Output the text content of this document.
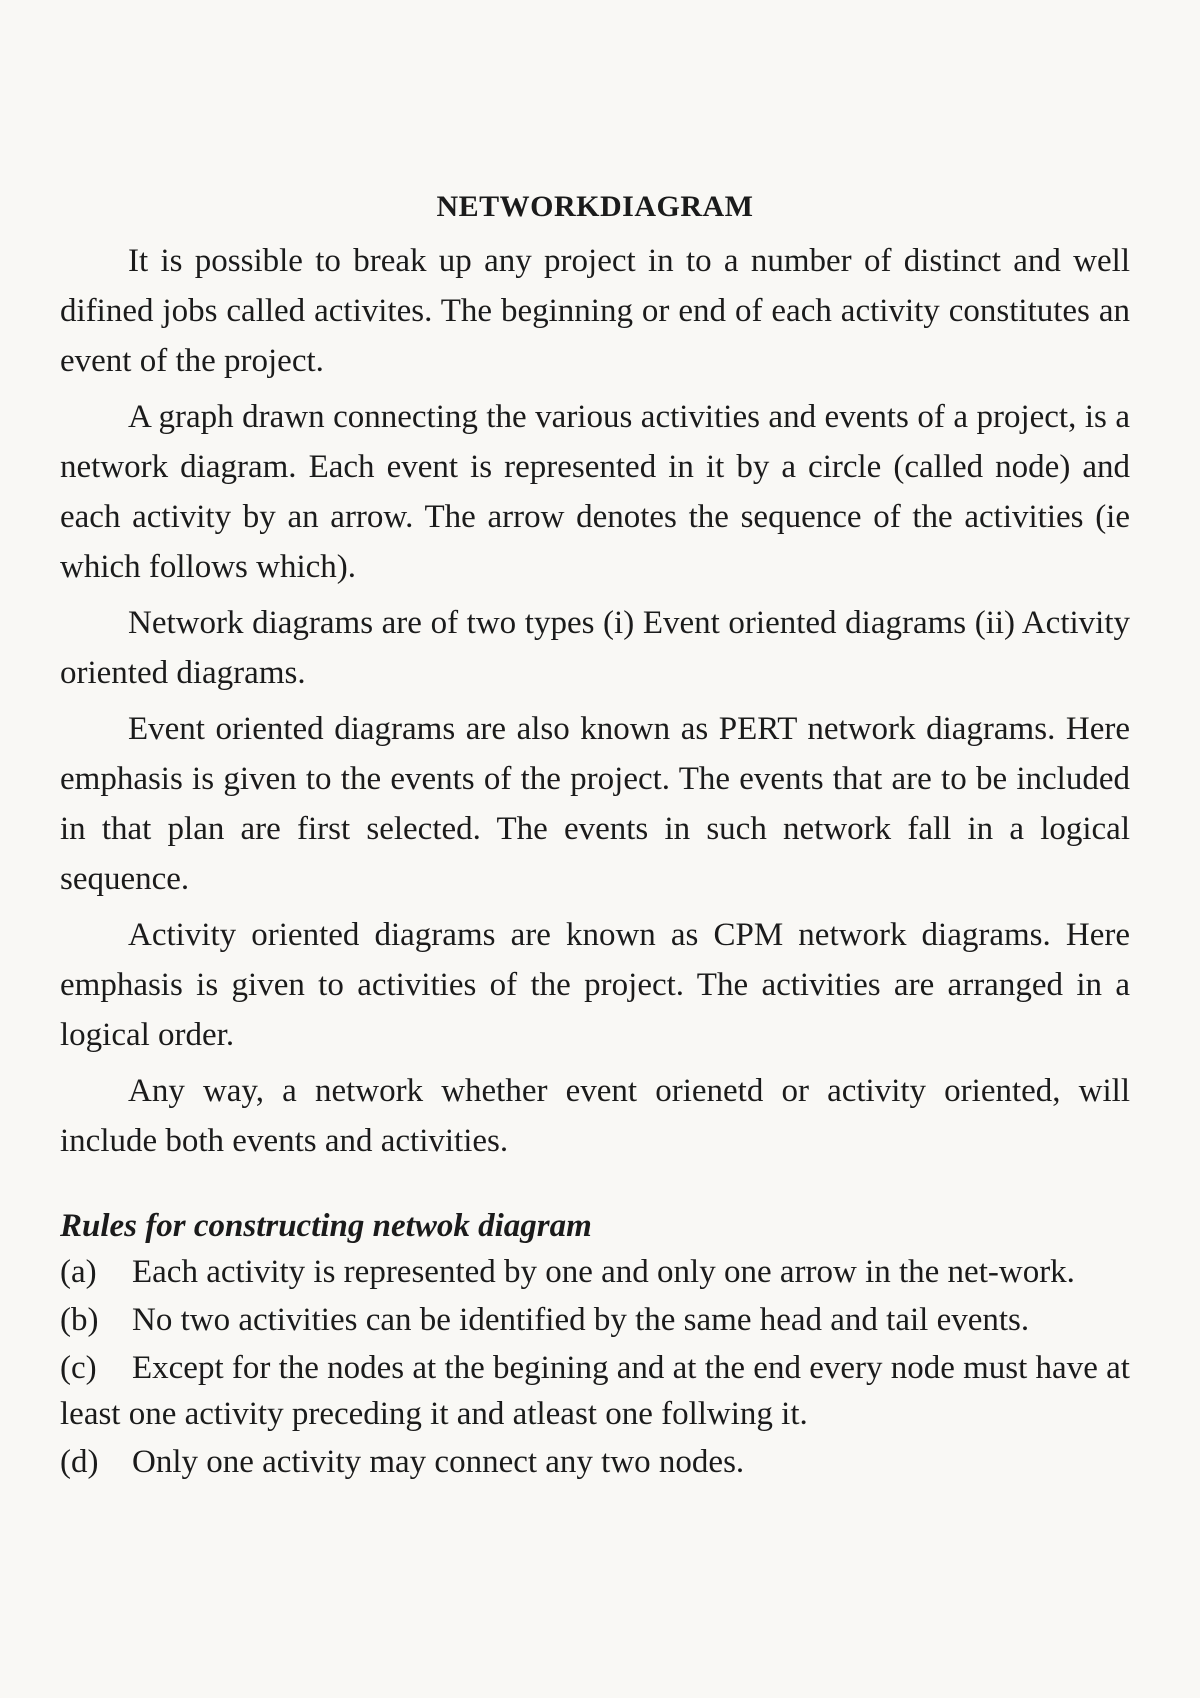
NETWORKDIAGRAM

It is possible to break up any project in to a number of distinct and well difined jobs called activites. The beginning or end of each activity constitutes an event of the project.

A graph drawn connecting the various activities and events of a project, is a network diagram. Each event is represented in it by a circle (called node) and each activity by an arrow. The arrow denotes the sequence of the activities (ie which follows which).

Network diagrams are of two types (i) Event oriented diagrams (ii) Activity oriented diagrams.

Event oriented diagrams are also known as PERT network diagrams. Here emphasis is given to the events of the project. The events that are to be included in that plan are first selected. The events in such network fall in a logical sequence.

Activity oriented diagrams are known as CPM network diagrams. Here emphasis is given to activities of the project. The activities are arranged in a logical order.

Any way, a network whether event orienetd or activity oriented, will include both events and activities.

Rules for constructing netwok diagram
(a) Each activity is represented by one and only one arrow in the net-work.
(b) No two activities can be identified by the same head and tail events.
(c) Except for the nodes at the begining and at the end every node must have at least one activity preceding it and atleast one follwing it.
(d) Only one activity may connect any two nodes.
